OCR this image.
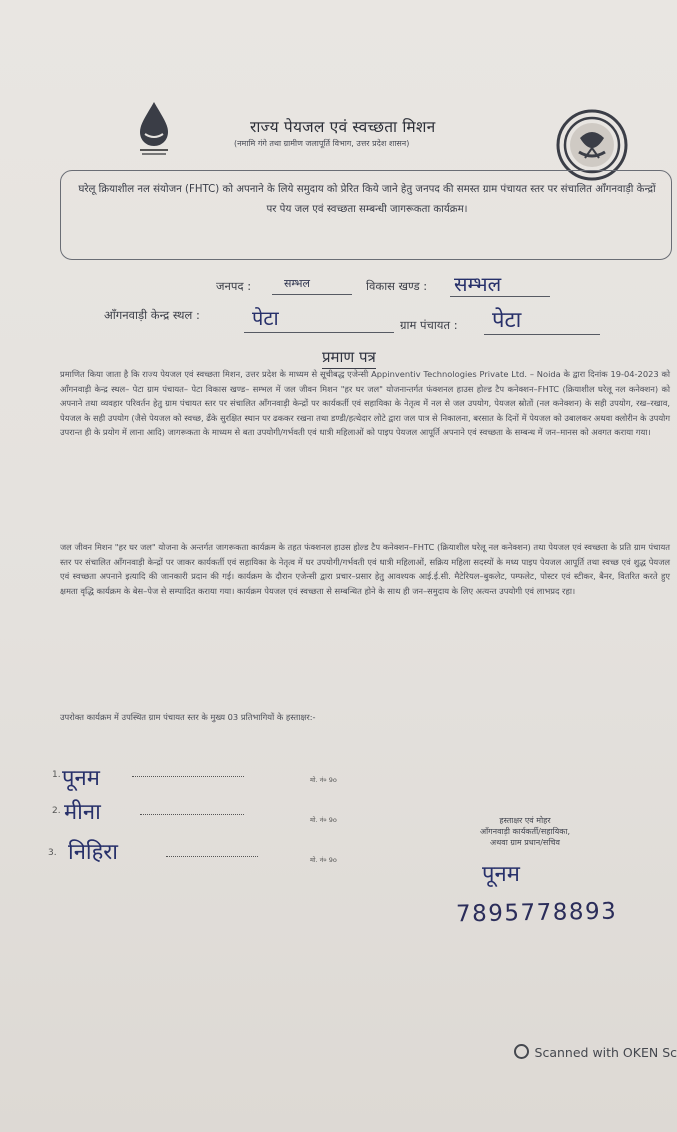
राज्य पेयजल एवं स्वच्छता मिशन
(नमामि गंगे तथा ग्रामीण जलापूर्ति विभाग, उत्तर प्रदेश शासन)
घरेलू क्रियाशील नल संयोजन (FHTC) को अपनाने के लिये समुदाय को प्रेरित किये जाने हेतु जनपद की समस्त ग्राम पंचायत स्तर पर संचालित आँगनवाड़ी केन्द्रों पर पेय जल एवं स्वच्छता सम्बन्धी जागरूकता कार्यक्रम।
जनपद :	सम्भल	विकास खण्ड : सम्भल
आँगनवाड़ी केन्द्र स्थल :	पेटा	ग्राम पंचायत : पेटा
प्रमाण पत्र
प्रमाणित किया जाता है कि राज्य पेयजल एवं स्वच्छता मिशन, उत्तर प्रदेश के माध्यम से सूचीबद्ध एजेन्सी Appinventiv Technologies Private Ltd. – Noida के द्वारा दिनांक 19-04-2023 को आँगनवाड़ी केन्द्र स्थल– पेटा ग्राम पंचायत– पेटा विकास खण्ड– सम्भल में जल जीवन मिशन "हर घर जल" योजनान्तर्गत फंक्शनल हाउस होल्ड टैप कनेक्शन–FHTC (क्रियाशील घरेलू नल कनेक्शन) को अपनाने तथा व्यवहार परिवर्तन हेतु ग्राम पंचायत स्तर पर संचालित आँगनवाड़ी केन्द्रों पर कार्यकर्ती एवं सहायिका के नेतृत्व में नल से जल उपयोग, पेयजल स्रोतों (नल कनेक्शन) के सही उपयोग, रख–रखाव, पेयजल के सही उपयोग (जैसे पेयजल को स्वच्छ, ढँके सुरक्षित स्थान पर ढककर रखना तथा डण्डी/हत्थेदार लोटे द्वारा जल पात्र से निकालना, बरसात के दिनों में पेयजल को उबालकर अथवा क्लोरीन के उपयोग उपरान्त ही के प्रयोग में लाना आदि) जागरूकता के माध्यम से बता उपयोगी/गर्भवती एवं धात्री महिलाओं को पाइप पेयजल आपूर्ति अपनाने एवं स्वच्छता के सम्बन्ध में जन–मानस को अवगत कराया गया।
जल जीवन मिशन "हर घर जल" योजना के अन्तर्गत जागरूकता कार्यक्रम के तहत फंक्शनल हाउस होल्ड टैप कनेक्शन–FHTC (क्रियाशील घरेलू नल कनेक्शन) तथा पेयजल एवं स्वच्छता के प्रति ग्राम पंचायत स्तर पर संचालित आँगनवाड़ी केन्द्रों पर जाकर कार्यकर्ती एवं सहायिका के नेतृत्व में घर उपयोगी/गर्भवती एवं धात्री महिलाओं, सक्रिय महिला सदस्यों के मध्य पाइप पेयजल आपूर्ति तथा स्वच्छ एवं शुद्ध पेयजल एवं स्वच्छता अपनाने इत्यादि की जानकारी प्रदान की गई। कार्यक्रम के दौरान एजेन्सी द्वारा प्रचार–प्रसार हेतु आवश्यक आई.ई.सी. मैटेरियल–बुकलेट, पम्फलेट, पोस्टर एवं स्टीकर, बैनर, वितरित करते हुए क्षमता वृद्धि कार्यक्रम के बेस–पेज से सम्पादित कराया गया। कार्यक्रम पेयजल एवं स्वच्छता से सम्बन्धित होने के साथ ही जन–समुदाय के लिए अत्यन्त उपयोगी एवं लाभप्रद रहा।
उपरोक्त कार्यक्रम में उपस्थित ग्राम पंचायत स्तर के मुख्य 03 प्रतिभागियों के हस्ताक्षर:-
1. पूनम	मो. नं० 9o
2. मीना	मो. नं० 9o
3. निहिरा	मो. नं० 9o
हस्ताक्षर एवं मोहर
आँगनवाड़ी कार्यकर्ती/सहायिका,
अथवा ग्राम प्रधान/सचिव
पूनम
7895778893
Scanned with OKEN Sc
